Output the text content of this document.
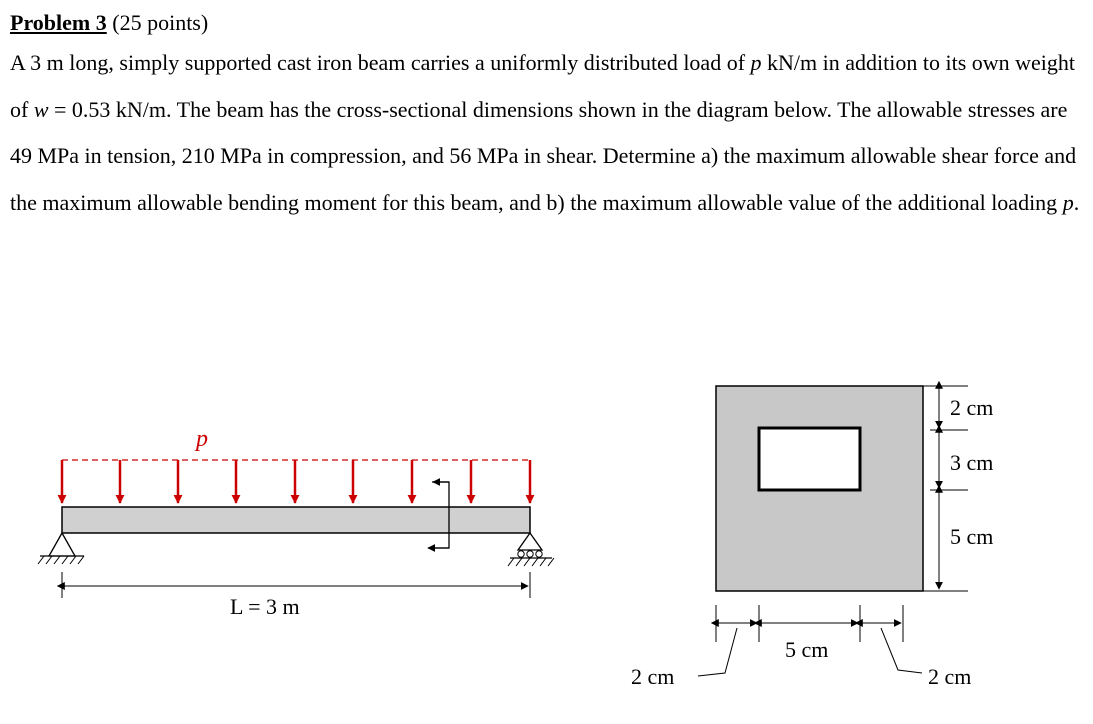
Problem 3 (25 points)

A 3 m long, simply supported cast iron beam carries a uniformly distributed load of p kN/m in addition to its own weight of w = 0.53 kN/m. The beam has the cross-sectional dimensions shown in the diagram below. The allowable stresses are 49 MPa in tension, 210 MPa in compression, and 56 MPa in shear. Determine a) the maximum allowable shear force and the maximum allowable bending moment for this beam, and b) the maximum allowable value of the additional loading p.

p
L = 3 m
2 cm
3 cm
5 cm
5 cm
2 cm	2 cm
